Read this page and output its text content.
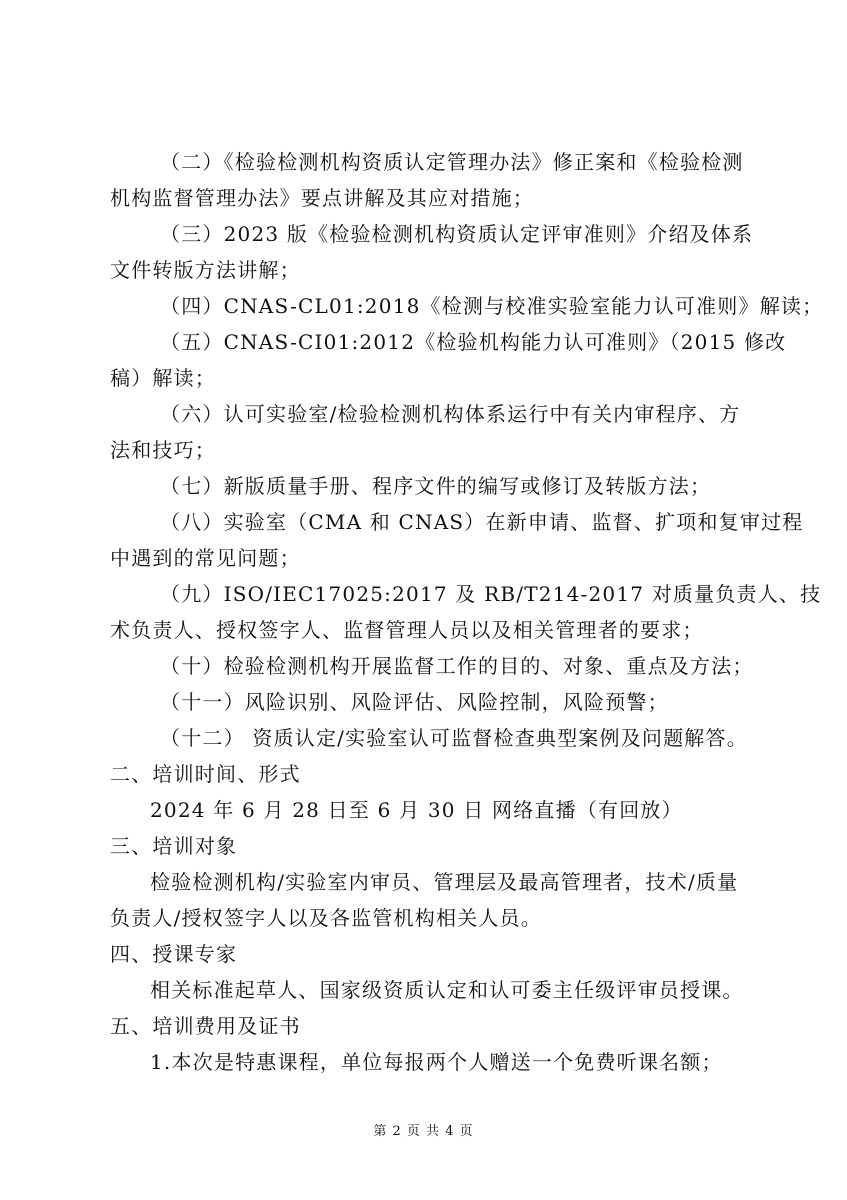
（二）《检验检测机构资质认定管理办法》修正案和《检验检测
机构监督管理办法》要点讲解及其应对措施；
（三）2023 版《检验检测机构资质认定评审准则》介绍及体系
文件转版方法讲解；
（四）CNAS-CL01:2018《检测与校准实验室能力认可准则》解读；
（五）CNAS-CI01:2012《检验机构能力认可准则》（2015 修改
稿）解读；
（六）认可实验室/检验检测机构体系运行中有关内审程序、方
法和技巧；
（七）新版质量手册、程序文件的编写或修订及转版方法；
（八）实验室（CMA 和 CNAS）在新申请、监督、扩项和复审过程
中遇到的常见问题；
（九）ISO/IEC17025:2017 及 RB/T214-2017 对质量负责人、技
术负责人、授权签字人、监督管理人员以及相关管理者的要求；
（十）检验检测机构开展监督工作的目的、对象、重点及方法；
（十一）风险识别、风险评估、风险控制，风险预警；
（十二） 资质认定/实验室认可监督检查典型案例及问题解答。
二、培训时间、形式
2024 年 6 月 28 日至 6 月 30 日 网络直播（有回放）
三、培训对象
检验检测机构/实验室内审员、管理层及最高管理者，技术/质量
负责人/授权签字人以及各监管机构相关人员。
四、授课专家
相关标准起草人、国家级资质认定和认可委主任级评审员授课。
五、培训费用及证书
1.本次是特惠课程，单位每报两个人赠送一个免费听课名额；
第 2 页 共 4 页
